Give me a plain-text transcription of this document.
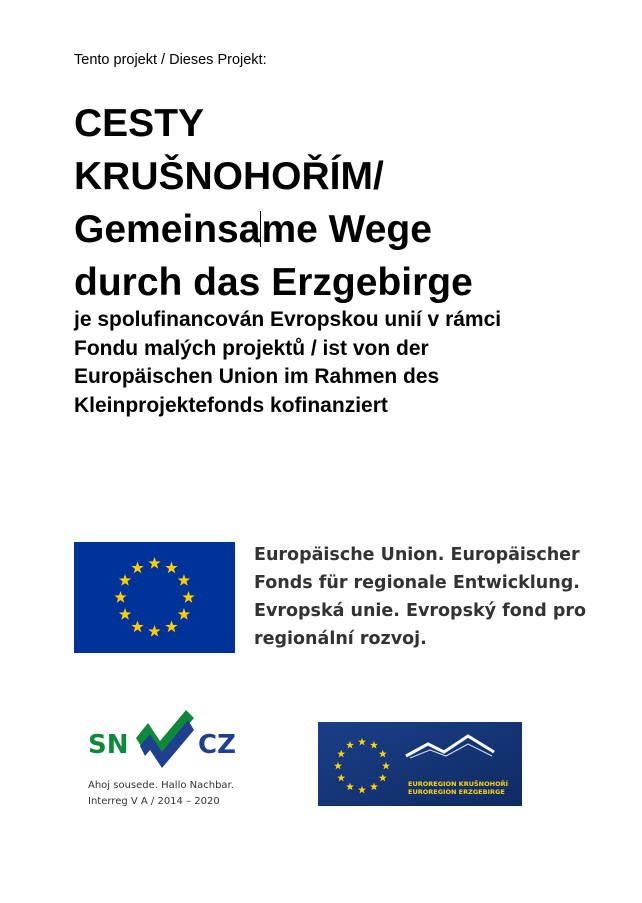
Tento projekt / Dieses Projekt:
CESTY
KRUŠNOHOŘÍM/
Gemeinsame Wege
durch das Erzgebirge
je spolufinancován Evropskou unií v rámci
Fondu malých projektů / ist von der
Europäischen Union im Rahmen des
Kleinprojektefonds kofinanziert
Europäische Union. Europäischer
Fonds für regionale Entwicklung.
Evropská unie. Evropský fond pro
regionální rozvoj.
SN	CZ
Ahoj sousede. Hallo Nachbar.
Interreg V A / 2014 – 2020
EUROREGION KRUŠNOHOŘÍ
EUROREGION ERZGEBIRGE
